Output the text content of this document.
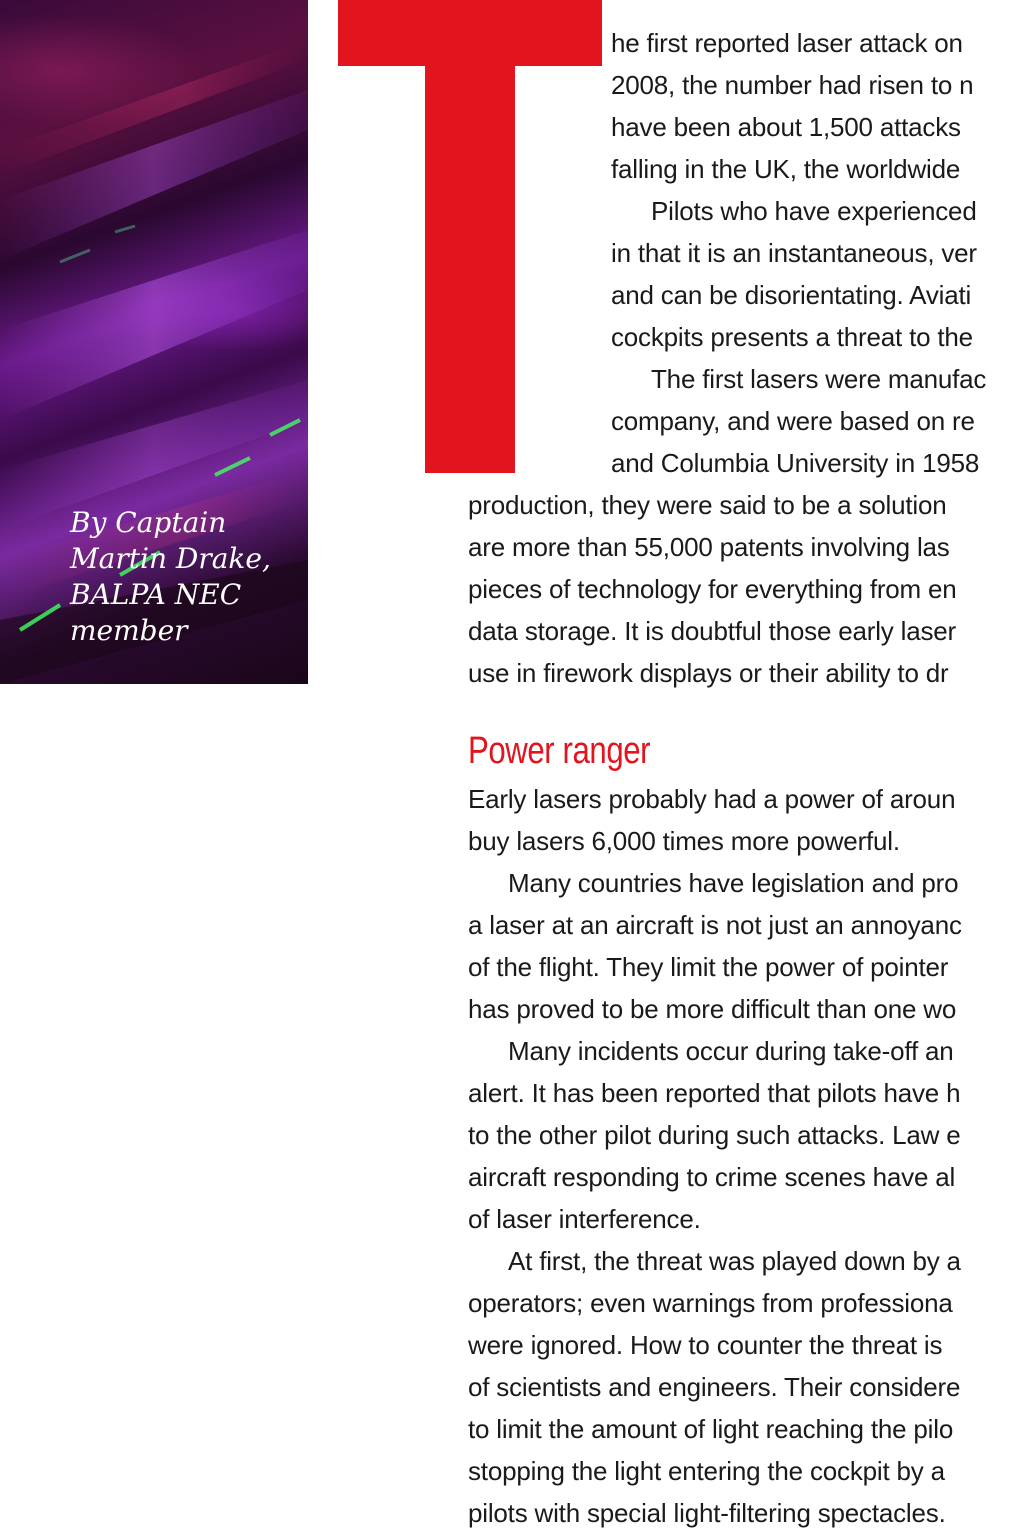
By Captain
Martin Drake,
BALPA NEC
member
he first reported laser attack on
2008, the number had risen to n
have been about 1,500 attacks
falling in the UK, the worldwide
Pilots who have experienced
in that it is an instantaneous, ver
and can be disorientating. Aviati
cockpits presents a threat to the
The first lasers were manufac
company, and were based on re
and Columbia University in 1958
production, they were said to be a solution
are more than 55,000 patents involving las
pieces of technology for everything from en
data storage. It is doubtful those early laser
use in firework displays or their ability to dr
Power ranger
Early lasers probably had a power of aroun
buy lasers 6,000 times more powerful.
Many countries have legislation and pro
a laser at an aircraft is not just an annoyanc
of the flight. They limit the power of pointer
has proved to be more difficult than one wo
Many incidents occur during take-off an
alert. It has been reported that pilots have h
to the other pilot during such attacks. Law e
aircraft responding to crime scenes have al
of laser interference.
At first, the threat was played down by a
operators; even warnings from professiona
were ignored. How to counter the threat is
of scientists and engineers. Their considere
to limit the amount of light reaching the pilo
stopping the light entering the cockpit by a
pilots with special light-filtering spectacles.
